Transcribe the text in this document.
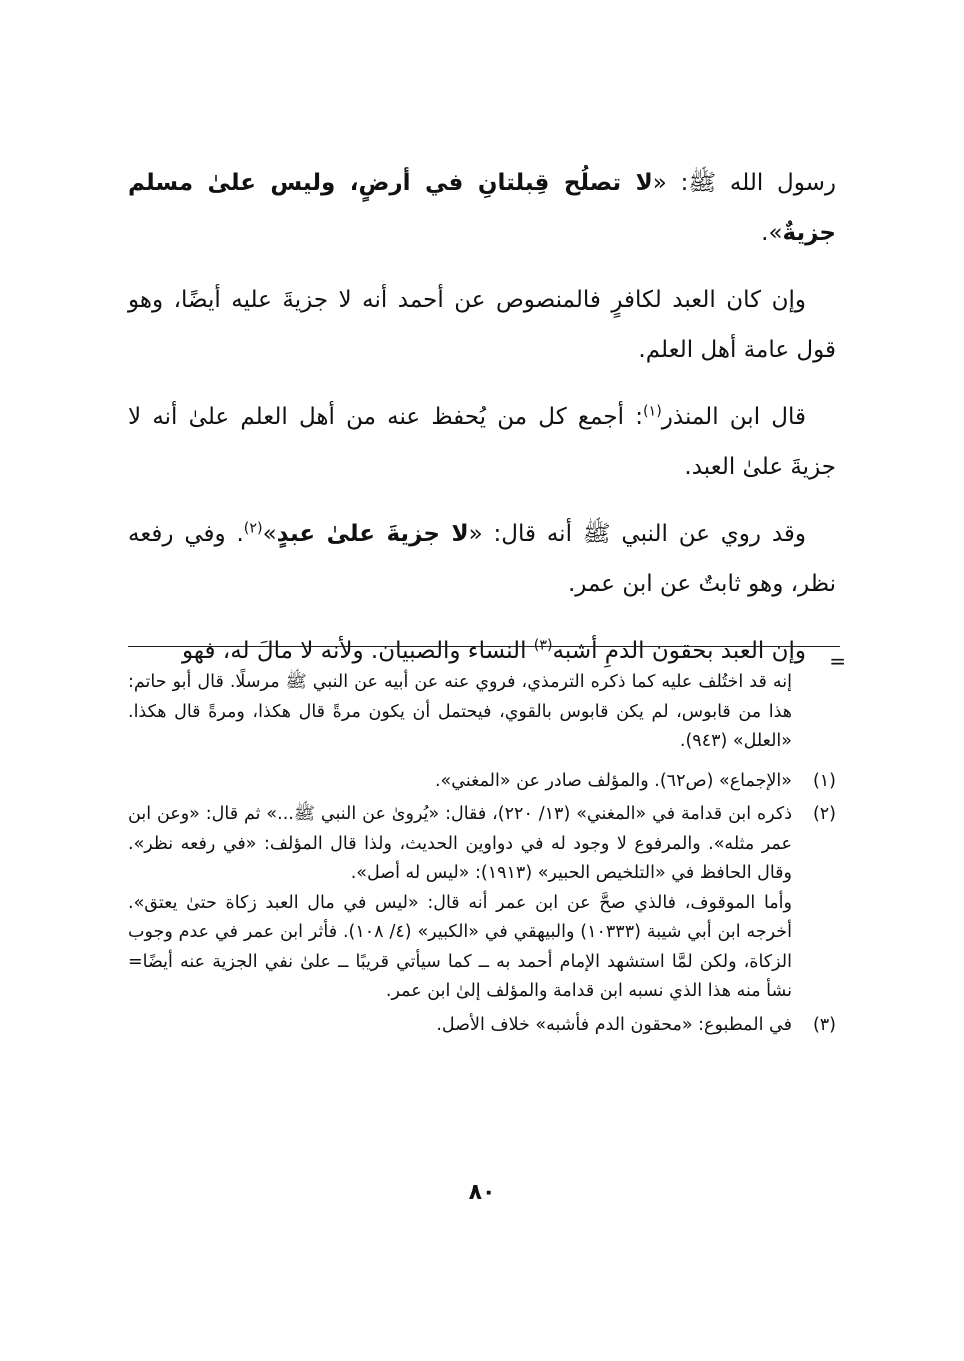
رسول الله ﷺ: «لا تصلُح قِبلتانِ في أرضٍ، وليس علىٰ مسلم جزيةٌ».

وإن كان العبد لكافرٍ فالمنصوص عن أحمد أنه لا جزيةَ عليه أيضًا، وهو قول عامة أهل العلم.

قال ابن المنذر$^{(١)}$: أجمع كل من يُحفظ عنه من أهل العلم علىٰ أنه لا جزيةَ علىٰ العبد.

وقد روي عن النبي ﷺ أنه قال: «لا جزيةَ علىٰ عبدٍ»$^{(٢)}$. وفي رفعه نظر، وهو ثابتٌ عن ابن عمر.

وإن العبد بحقون الدمِ أشبه$^{(٣)}$ النساء والصبيان. ولأنه لا مالَ له، فهو	=

إنه قد اختُلف عليه كما ذكره الترمذي، فروي عنه عن أبيه عن النبي ﷺ مرسلًا. قال أبو حاتم: هذا من قابوس، لم يكن قابوس بالقوي، فيحتمل أن يكون مرةً قال هكذا، ومرةً قال هكذا. «العلل» (٩٤٣).

(١)
«الإجماع» (ص٦٢). والمؤلف صادر عن «المغني».
(٢)
ذكره ابن قدامة في «المغني» (١٣/ ٢٢٠)، فقال: «يُروىٰ عن النبي ﷺ...» ثم قال: «وعن ابن عمر مثله». والمرفوع لا وجود له في دواوين الحديث، ولذا قال المؤلف: «في رفعه نظر». وقال الحافظ في «التلخيص الحبير» (١٩١٣): «ليس له أصل».
وأما الموقوف، فالذي صحَّ عن ابن عمر أنه قال: «ليس في مال العبد زكاة حتىٰ يعتق». أخرجه ابن أبي شيبة (١٠٣٣٣) والبيهقي في «الكبير» (٤/ ١٠٨). فأثر ابن عمر في عدم وجوب الزكاة، ولكن لمَّا استشهد الإمام أحمد به ــ كما سيأتي قريبًا ــ علىٰ نفي الجزية عنه أيضًا= نشأ منه هذا الذي نسبه ابن قدامة والمؤلف إلىٰ ابن عمر.
(٣)
في المطبوع: «محقون الدم فأشبه» خلاف الأصل.
٨٠
